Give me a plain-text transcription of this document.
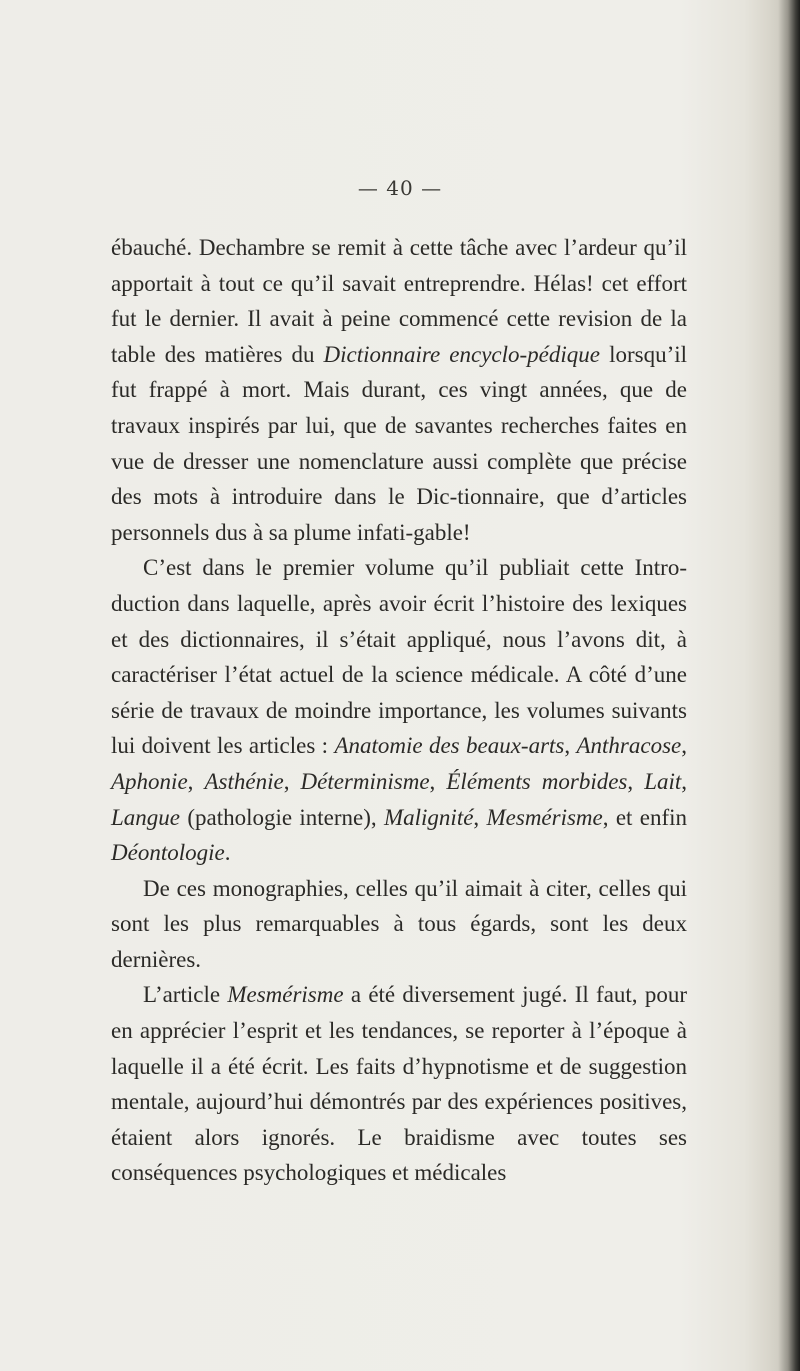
— 40 —

ébauché. Dechambre se remit à cette tâche avec l’ardeur qu’il apportait à tout ce qu’il savait entreprendre. Hélas! cet effort fut le dernier. Il avait à peine commencé cette revision de la table des matières du Dictionnaire encyclo-pédique lorsqu’il fut frappé à mort. Mais durant, ces vingt années, que de travaux inspirés par lui, que de savantes recherches faites en vue de dresser une nomenclature aussi complète que précise des mots à introduire dans le Dic-tionnaire, que d’articles personnels dus à sa plume infati-gable!

C’est dans le premier volume qu’il publiait cette Intro-duction dans laquelle, après avoir écrit l’histoire des lexiques et des dictionnaires, il s’était appliqué, nous l’avons dit, à caractériser l’état actuel de la science médicale. A côté d’une série de travaux de moindre importance, les volumes suivants lui doivent les articles : Anatomie des beaux-arts, Anthracose, Aphonie, Asthénie, Déterminisme, Éléments morbides, Lait, Langue (pathologie interne), Malignité, Mesmérisme, et enfin Déontologie.

De ces monographies, celles qu’il aimait à citer, celles qui sont les plus remarquables à tous égards, sont les deux dernières.

L’article Mesmérisme a été diversement jugé. Il faut, pour en apprécier l’esprit et les tendances, se reporter à l’époque à laquelle il a été écrit. Les faits d’hypnotisme et de suggestion mentale, aujourd’hui démontrés par des expériences positives, étaient alors ignorés. Le braidisme avec toutes ses conséquences psychologiques et médicales
